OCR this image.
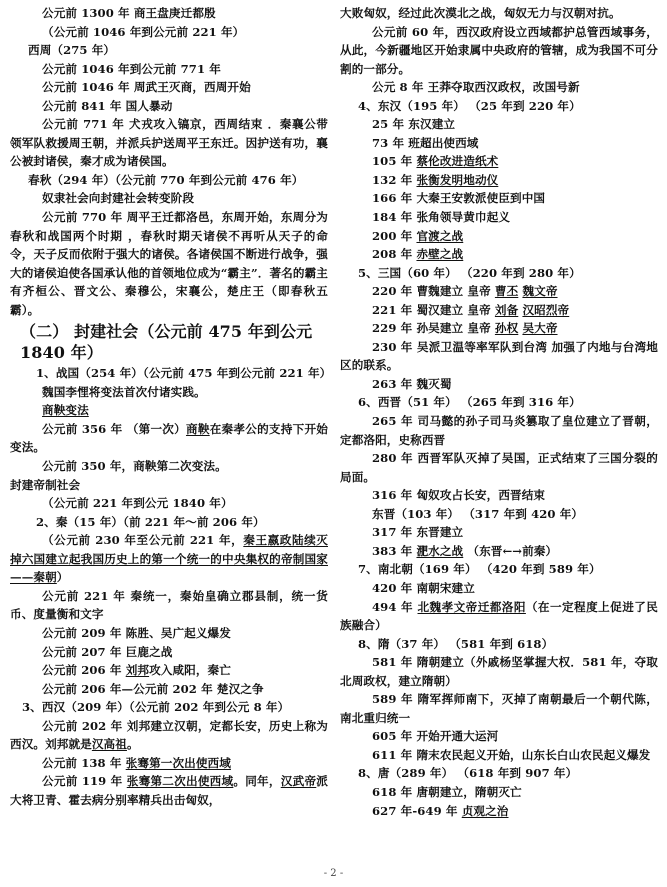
公元前 1300 年 商王盘庚迁都殷

（公元前 1046 年到公元前 221 年）

西周（275 年）

公元前 1046 年到公元前 771 年

公元前 1046 年 周武王灭商，西周开始

公元前 841 年 国人暴动

公元前 771 年 犬戎攻入镐京，西周结束 ．秦襄公带领军队救援周王朝，并派兵护送周平王东迁。因护送有功，襄公被封诸侯，秦才成为诸侯国。

春秋（294 年）（公元前 770 年到公元前 476 年）

奴隶社会向封建社会转变阶段

公元前 770 年 周平王迁都洛邑，东周开始，东周分为春秋和战国两个时期 ，春秋时期天诸侯不再听从天子的命令，天子反而依附于强大的诸侯。各诸侯国不断进行战争，强大的诸侯迫使各国承认他的首领地位成为“霸主”．著名的霸主有齐桓公、晋文公、秦穆公，宋襄公，楚庄王（即春秋五霸）。

（二） 封建社会（公元前 475 年到公元 1840 年）

1、战国（254 年）（公元前 475 年到公元前 221 年）

魏国李悝将变法首次付诸实践。

商鞅变法

公元前 356 年 （第一次）商鞅在秦孝公的支持下开始变法。

公元前 350 年，商鞅第二次变法。

封建帝制社会

（公元前 221 年到公元 1840 年）

2、秦（15 年）（前 221 年～前 206 年）

（公元前 230 年至公元前 221 年，秦王嬴政陆续灭掉六国建立起我国历史上的第一个统一的中央集权的帝制国家——秦朝）

公元前 221 年 秦统一，秦始皇确立郡县制，统一货币、度量衡和文字

公元前 209 年 陈胜、吴广起义爆发

公元前 207 年 巨鹿之战

公元前 206 年 刘邦攻入咸阳，秦亡

公元前 206 年—公元前 202 年 楚汉之争

3、西汉（209 年）（公元前 202 年到公元 8 年）

公元前 202 年 刘邦建立汉朝，定都长安，历史上称为西汉。刘邦就是汉高祖。

公元前 138 年 张骞第一次出使西域

公元前 119 年 张骞第二次出使西域。同年，汉武帝派大将卫青、霍去病分别率精兵出击匈奴，

大败匈奴，经过此次漠北之战，匈奴无力与汉朝对抗。

公元前 60 年，西汉政府设立西域都护总管西域事务，从此，今新疆地区开始隶属中央政府的管辖，成为我国不可分割的一部分。

公元 8 年 王莽夺取西汉政权，改国号新

4、东汉（195 年） （25 年到 220 年）

25 年 东汉建立

73 年 班超出使西域

105 年 蔡伦改进造纸术

132 年 张衡发明地动仪

166 年 大秦王安敦派使臣到中国

184 年 张角领导黄巾起义

200 年 官渡之战

208 年 赤壁之战

5、三国（60 年） （220 年到 280 年）

220 年 曹魏建立 皇帝 曹丕 魏文帝

221 年 蜀汉建立 皇帝 刘备 汉昭烈帝

229 年 孙吴建立 皇帝 孙权 吴大帝

230 年 吴派卫温等率军队到台湾 加强了内地与台湾地区的联系。

263 年 魏灭蜀

6、西晋（51 年） （265 年到 316 年）

265 年 司马懿的孙子司马炎篡取了皇位建立了晋朝，定都洛阳，史称西晋

280 年 西晋军队灭掉了吴国，正式结束了三国分裂的局面。

316 年 匈奴攻占长安，西晋结束

东晋（103 年） （317 年到 420 年）

317 年 东晋建立

383 年 淝水之战 （东晋←→前秦）

7、南北朝（169 年） （420 年到 589 年）

420 年 南朝宋建立

494 年 北魏孝文帝迁都洛阳（在一定程度上促进了民族融合）

8、隋（37 年） （581 年到 618）

581 年 隋朝建立（外戚杨坚掌握大权．581 年，夺取北周政权，建立隋朝）

589 年 隋军挥师南下，灭掉了南朝最后一个朝代陈，南北重归统一

605 年 开始开通大运河

611 年 隋末农民起义开始，山东长白山农民起义爆发

8、唐（289 年） （618 年到 907 年）

618 年 唐朝建立，隋朝灭亡

627 年-649 年 贞观之治

- 2 -
